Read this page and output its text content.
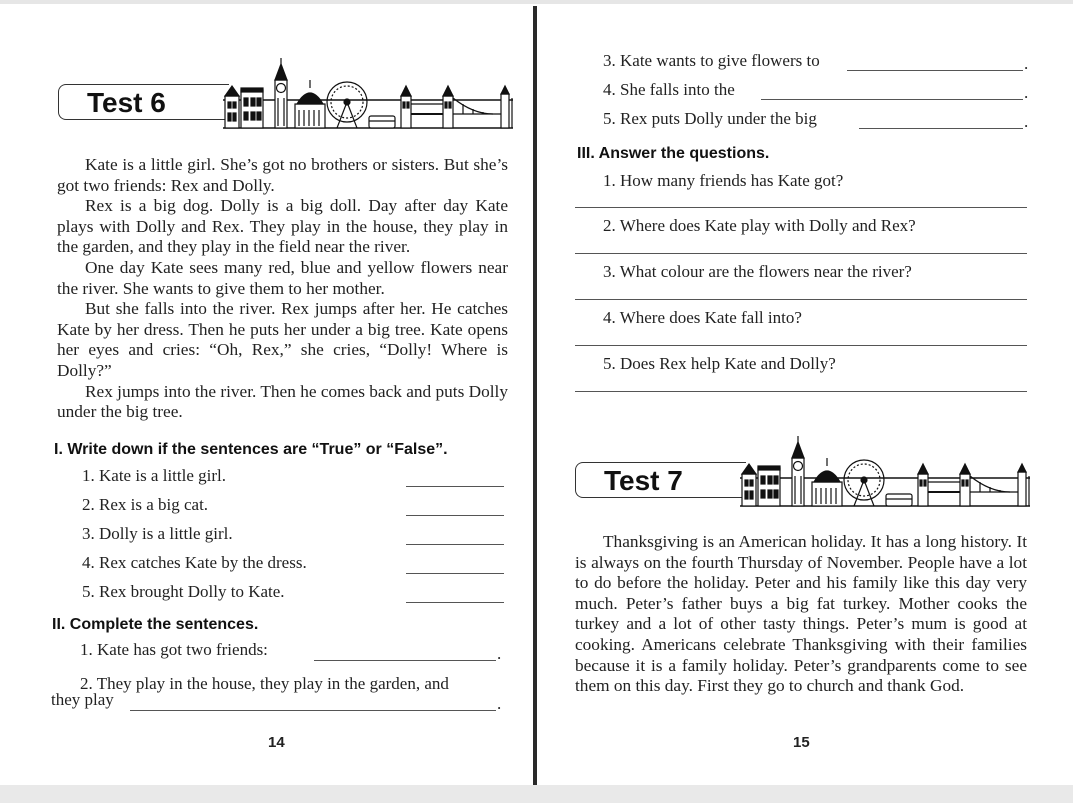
Test 6

Kate is a little girl. She’s got no brothers or sisters. But she’s got two friends: Rex and Dolly.

Rex is a big dog. Dolly is a big doll. Day after day Kate plays with Dolly and Rex. They play in the house, they play in the garden, and they play in the field near the river.

One day Kate sees many red, blue and yellow flowers near the river. She wants to give them to her mother.

But she falls into the river. Rex jumps after her. He catches Kate by her dress. Then he puts her under a big tree. Kate opens her eyes and cries: “Oh, Rex,” she cries, “Dolly! Where is Dolly?”

Rex jumps into the river. Then he comes back and puts Dolly under the big tree.

I. Write down if the sentences are “True” or “False”.
1. Kate is a little girl.
2. Rex is a big cat.
3. Dolly is a little girl.
4. Rex catches Kate by the dress.
5. Rex brought Dolly to Kate.
II. Complete the sentences.
1. Kate has got two friends:	.
2. They play in the house, they play in the garden, and
they play	.
14
3. Kate wants to give flowers to	.
4. She falls into the	.
5. Rex puts Dolly under the big	.
III. Answer the questions.
1. How many friends has Kate got?
2. Where does Kate play with Dolly and Rex?
3. What colour are the flowers near the river?
4. Where does Kate fall into?
5. Does Rex help Kate and Dolly?
Test 7

Thanksgiving is an American holiday. It has a long history. It is always on the fourth Thursday of November. People have a lot to do before the holiday. Peter and his family like this day very much. Peter’s father buys a big fat turkey. Mother cooks the turkey and a lot of other tasty things. Peter’s mum is good at cooking. Americans celebrate Thanksgiving with their families because it is a family holiday. Peter’s grandparents come to see them on this day. First they go to church and thank God.

15
